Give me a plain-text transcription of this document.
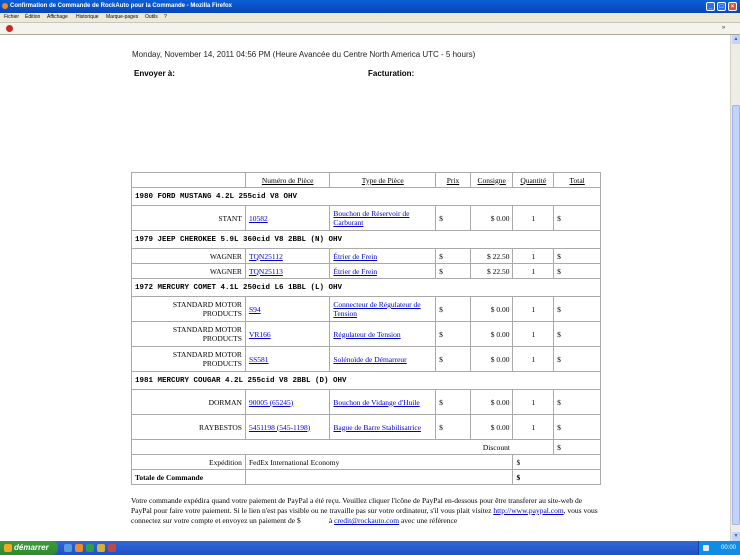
Confirmation de Commande de RockAuto pour la Commande - Mozilla Firefox	_	□	×
Fichier Édition Affichage Historique Marque-pages Outils ?
»
Monday, November 14, 2011 04:56 PM (Heure Avancée du Centre North America UTC - 5 hours)
Envoyer à:	Facturation:
	Numéro de Pièce	Type de Pièce	Prix	Consigne	Quantité	Total
1980 FORD MUSTANG 4.2L 255cid V8 OHV						
STANT	10582	Bouchon de Réservoir de Carburant	$	$ 0.00	1	$
1979 JEEP CHEROKEE 5.9L 360cid V8 2BBL (N) OHV						
WAGNER	TQN25112	Étrier de Frein	$	$ 22.50	1	$
WAGNER	TQN25113	Étrier de Frein	$	$ 22.50	1	$
1972 MERCURY COMET 4.1L 250cid L6 1BBL (L) OHV						
STANDARD MOTOR PRODUCTS	S94	Connecteur de Régulateur de Tension	$	$ 0.00	1	$
STANDARD MOTOR PRODUCTS	VR166	Régulateur de Tension	$	$ 0.00	1	$
STANDARD MOTOR PRODUCTS	SS581	Solénoïde de Démarreur	$	$ 0.00	1	$
1981 MERCURY COUGAR 4.2L 255cid V8 2BBL (D) OHV						
DORMAN	90005 (65245)	Bouchon de Vidange d'Huile	$	$ 0.00	1	$
RAYBESTOS	5451198 (545-1198)	Bague de Barre Stabilisatrice	$	$ 0.00	1	$
Discount						$
Expédition	FedEx International Economy				$	
Totale de Commande					$	
Votre commande expédira quand votre paiement de PayPal a été reçu. Veuillez cliquer l'icône de PayPal en-dessous pour être transferer au site-web de PayPal pour faire votre paiement. Si le lien n'est pas visible ou ne travaille pas sur votre ordinateur, s'il vous plait visitez http://www.paypal.com, vous vous connectez sur votre compte et envoyez un paiement de $               à credit@rockauto.com avec une référence
▲
▼
démarrer	00:00
